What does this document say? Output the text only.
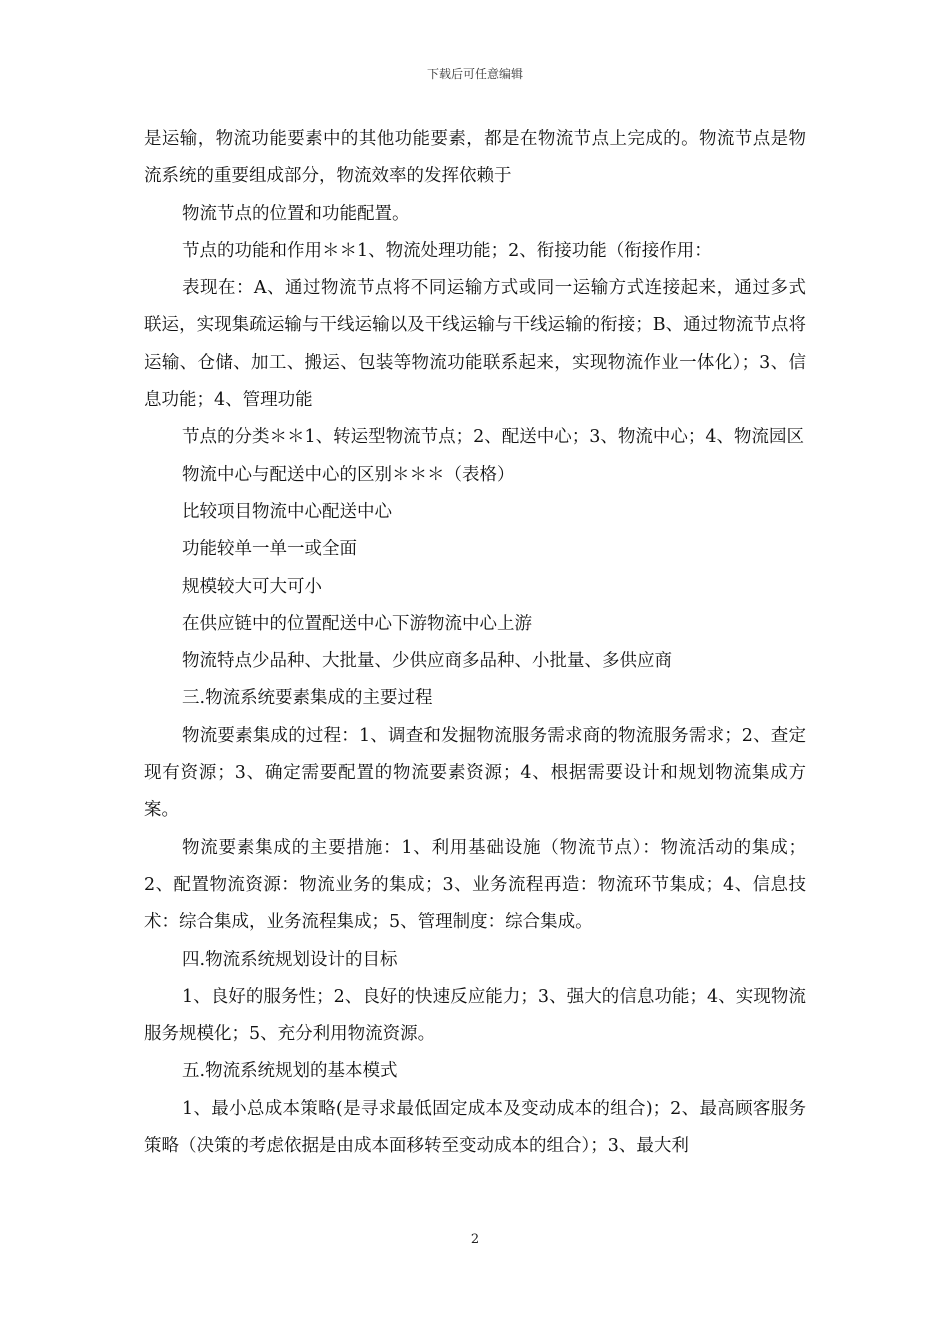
下载后可任意编辑

是运输，物流功能要素中的其他功能要素，都是在物流节点上完成的。物流节点是物流系统的重要组成部分，物流效率的发挥依赖于

物流节点的位置和功能配置。

节点的功能和作用＊＊1、物流处理功能；2、衔接功能（衔接作用：

表现在：A、通过物流节点将不同运输方式或同一运输方式连接起来，通过多式联运，实现集疏运输与干线运输以及干线运输与干线运输的衔接；B、通过物流节点将运输、仓储、加工、搬运、包装等物流功能联系起来，实现物流作业一体化）；3、信息功能；4、管理功能

节点的分类＊＊1、转运型物流节点；2、配送中心；3、物流中心；4、物流园区

物流中心与配送中心的区别＊＊＊（表格）

比较项目物流中心配送中心

功能较单一单一或全面

规模较大可大可小

在供应链中的位置配送中心下游物流中心上游

物流特点少品种、大批量、少供应商多品种、小批量、多供应商

三.物流系统要素集成的主要过程

物流要素集成的过程：1、调查和发掘物流服务需求商的物流服务需求；2、查定现有资源；3、确定需要配置的物流要素资源；4、根据需要设计和规划物流集成方案。

物流要素集成的主要措施：1、利用基础设施（物流节点）：物流活动的集成；2、配置物流资源：物流业务的集成；3、业务流程再造：物流环节集成；4、信息技术：综合集成，业务流程集成；5、管理制度：综合集成。

四.物流系统规划设计的目标

1、良好的服务性；2、良好的快速反应能力；3、强大的信息功能；4、实现物流服务规模化；5、充分利用物流资源。

五.物流系统规划的基本模式

1、最小总成本策略(是寻求最低固定成本及变动成本的组合)；2、最高顾客服务策略（决策的考虑依据是由成本面移转至变动成本的组合）；3、最大利

2
